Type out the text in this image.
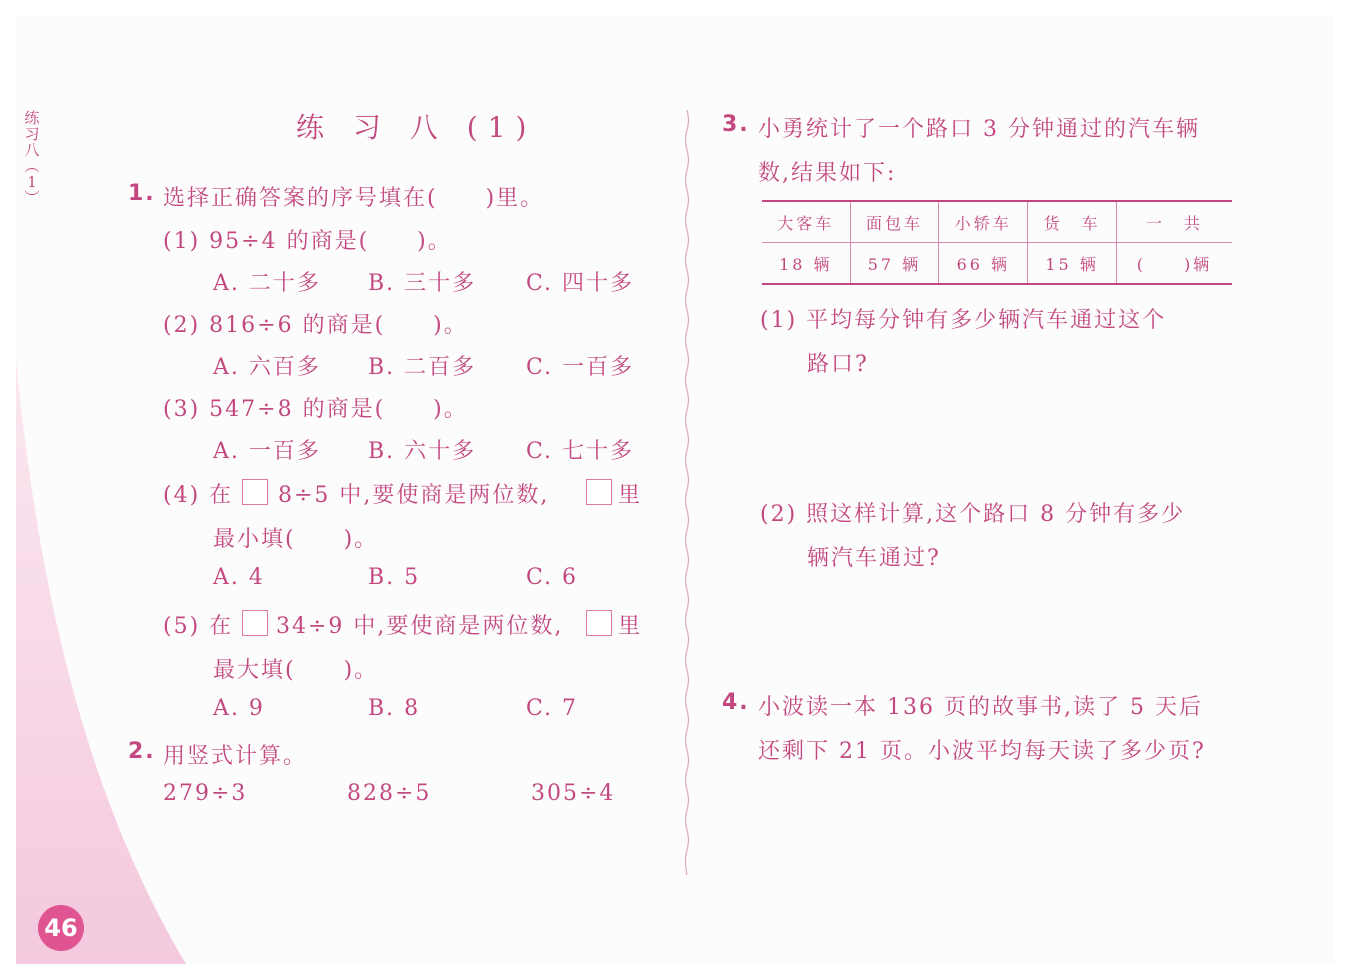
练
习
八
︵
1
︶
46
练 习 八 (1)
1. 选择正确答案的序号填在(　　)里。
(1) 95÷4 的商是(　　)。
A. 二十多 B. 三十多 C. 四十多
(2) 816÷6 的商是(　　)。
A. 六百多 B. 二百多 C. 一百多
(3) 547÷8 的商是(　　)。
A. 一百多 B. 六十多 C. 七十多
(4) 在 8÷5 中,要使商是两位数,	里
最小填(　　)。
A. 4	B. 5	C. 6
(5) 在 34÷9 中,要使商是两位数, 里
最大填(　　)。
A. 9	B. 8	C. 7
2. 用竖式计算。
279÷3	828÷5	305÷4
3. 小勇统计了一个路口 3 分钟通过的汽车辆
数,结果如下:
大客车	面包车	小轿车	货　车	一　共
18 辆	57 辆	66 辆	15 辆	(　　)辆
(1) 平均每分钟有多少辆汽车通过这个
路口?
(2) 照这样计算,这个路口 8 分钟有多少
辆汽车通过?
4. 小波读一本 136 页的故事书,读了 5 天后
还剩下 21 页。小波平均每天读了多少页?
